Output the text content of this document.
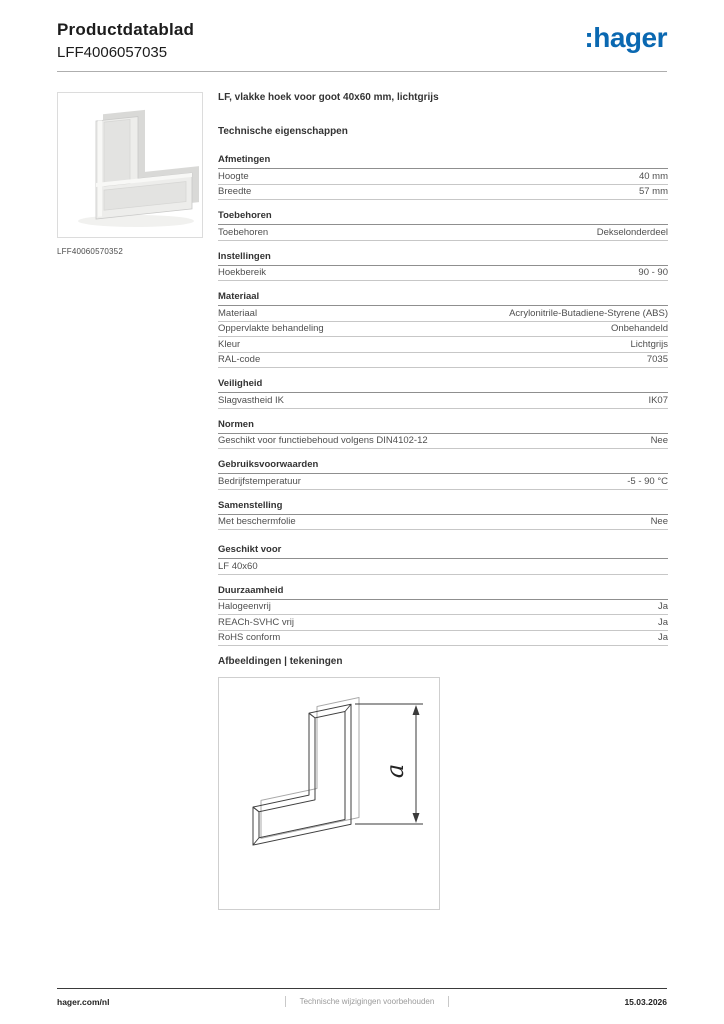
Productdatablad
LFF4006057035	:hager
LFF40060570352
LF, vlakke hoek voor goot 40x60 mm, lichtgrijs
Technische eigenschappen
Afmetingen
Hoogte	40 mm
Breedte	57 mm
Toebehoren
Toebehoren	Dekselonderdeel
Instellingen
Hoekbereik	90 - 90
Materiaal
Materiaal	Acrylonitrile-Butadiene-Styrene (ABS)
Oppervlakte behandeling	Onbehandeld
Kleur	Lichtgrijs
RAL-code	7035
Veiligheid
Slagvastheid IK	IK07
Normen
Geschikt voor functiebehoud volgens DIN4102-12	Nee
Gebruiksvoorwaarden
Bedrijfstemperatuur	-5 - 90 °C
Samenstelling
Met beschermfolie	Nee
Geschikt voor
LF 40x60
Duurzaamheid
Halogeenvrij	Ja
REACh-SVHC vrij	Ja
RoHS conform	Ja
Afbeeldingen | tekeningen
a
hager.com/nl	Technische wijzigingen voorbehouden	15.03.2026
